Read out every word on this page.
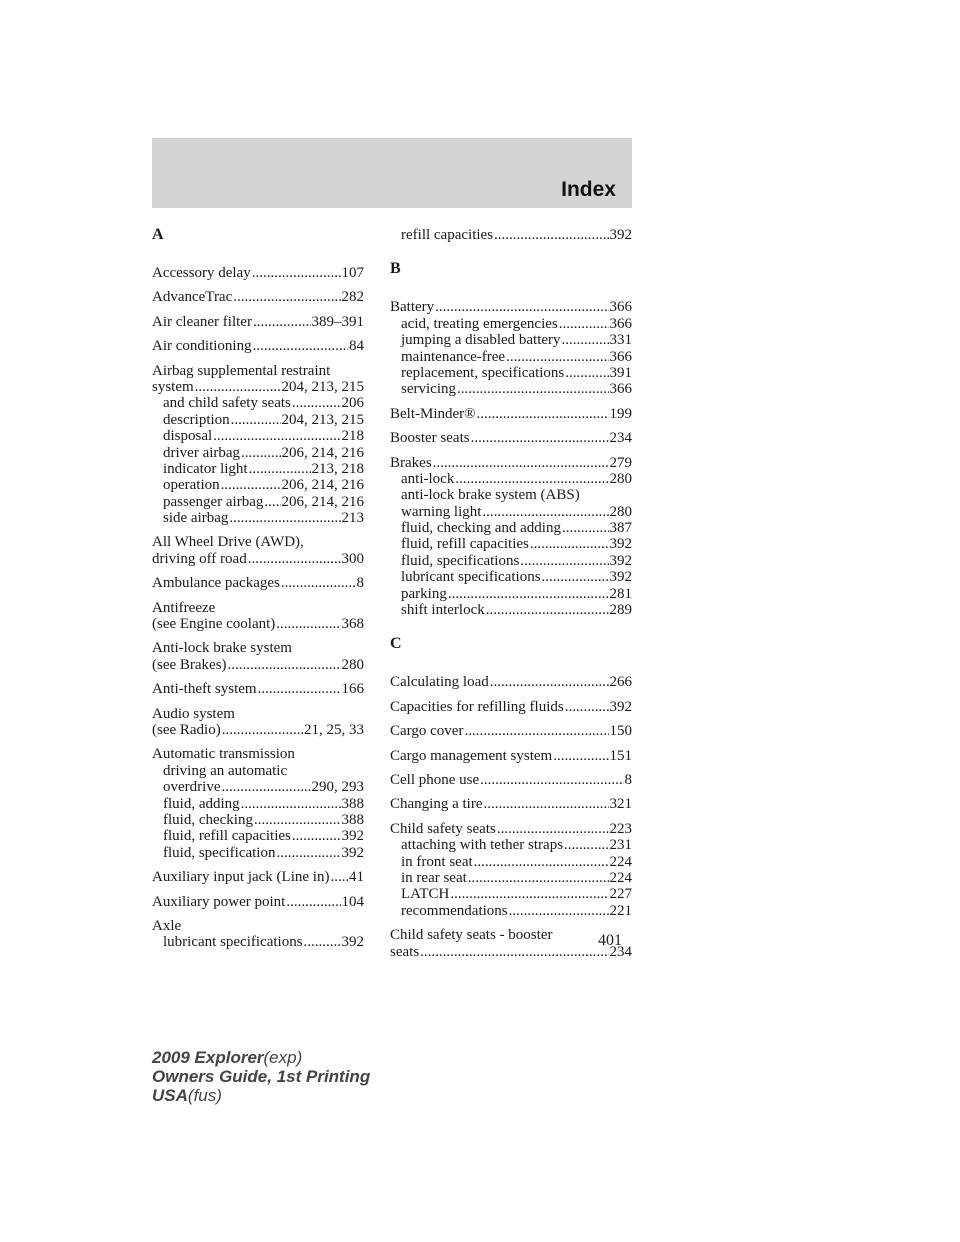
Index
A
Accessory delay .....	107
AdvanceTrac .....	282
Air cleaner filter .....	389–391
Air conditioning .....	84
Airbag supplemental restraint
system .....	204, 213, 215
and child safety seats .....	206
description .....	204, 213, 215
disposal .....	218
driver airbag .....	206, 214, 216
indicator light .....	213, 218
operation .....	206, 214, 216
passenger airbag ..... 206, 214, 216
side airbag .....	213
All Wheel Drive (AWD),
driving off road .....	300
Ambulance packages .....	8
Antifreeze
(see Engine coolant) .....	368
Anti-lock brake system
(see Brakes) .....	280
Anti-theft system .....	166
Audio system
(see Radio) .....	21, 25, 33
Automatic transmission
driving an automatic
overdrive .....	290, 293
fluid, adding .....	388
fluid, checking .....	388
fluid, refill capacities .....	392
fluid, specification .....	392
Auxiliary input jack (Line in) ..... 41
Auxiliary power point .....	104
Axle
lubricant specifications .....	392
refill capacities .....	392
B
Battery .....	366
acid, treating emergencies .....	366
jumping a disabled battery .....	331
maintenance-free .....	366
replacement, specifications .....	391
servicing .....	366
Belt-Minder® .....	199
Booster seats .....	234
Brakes .....	279
anti-lock .....	280
anti-lock brake system (ABS)
warning light .....	280
fluid, checking and adding .....	387
fluid, refill capacities .....	392
fluid, specifications .....	392
lubricant specifications .....	392
parking .....	281
shift interlock .....	289
C
Calculating load .....	266
Capacities for refilling fluids .....	392
Cargo cover .....	150
Cargo management system .....	151
Cell phone use .....	8
Changing a tire .....	321
Child safety seats .....	223
attaching with tether straps .....	231
in front seat .....	224
in rear seat .....	224
LATCH .....	227
recommendations .....	221
Child safety seats - booster
seats .....	234
401
2009 Explorer(exp)
Owners Guide, 1st Printing
USA(fus)
